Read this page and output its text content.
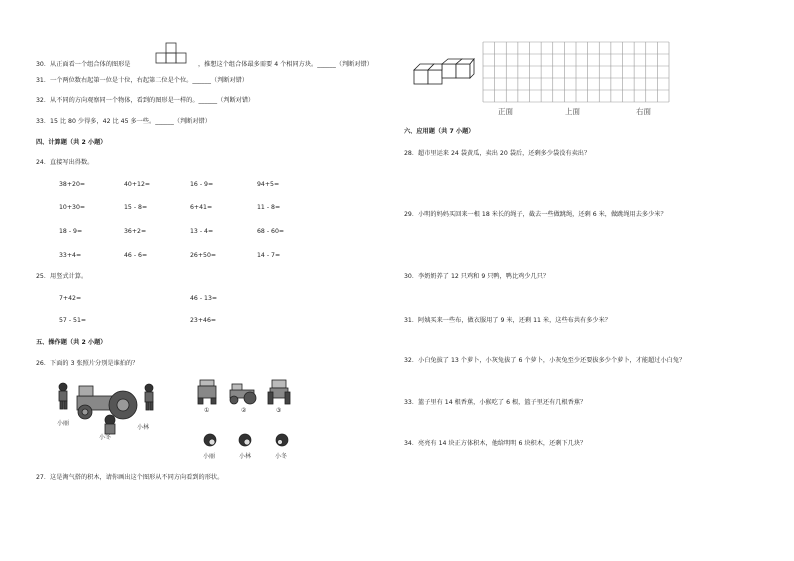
30．从正面看一个组合体的图形是	，推想这个组合体最多需要 4 个相同方块。______（判断对错）
31．一个两位数右起第一位是十位，右起第二位是个位。______（判断对错）
32．从不同的方向观察同一个物体，看到的图形是一样的。______（判断对错）
33．15 比 80 少得多，42 比 45 多一些。______（判断对错）
四、计算题（共 2 小题）
24．直接写出得数。
38+20=	40+12=	16 - 9=	94+5=
10+30=	15 - 8=	6+41=	11 - 8=
18 - 9=	36+2=	13 - 4=	68 - 60=
33+4=	46 - 6=	26+50=	14 - 7=
25．用竖式计算。
7+42=	46 - 13=
57 - 51=	23+46=
五、操作题（共 2 小题）
26．下面的 3 张照片分别是谁拍的？
小丽
小林
小冬
①	②	③
小丽	小林	小冬
27．这是淘气搭的积木，请你画出这个图形从不同方向看到的形状。
正面	上面	右面
六、应用题（共 7 小题）
28．超市里运来 24 袋黄瓜，卖出 20 袋后，还剩多少袋没有卖出？
29．小明的妈妈买回来一根 18 米长的绳子，截去一些做跳绳，还剩 6 米，做跳绳用去多少米？
30．李奶奶养了 12 只鸡和 9 只鸭，鸭比鸡少几只？
31．阿姨买来一些布，做衣服用了 9 米，还剩 11 米，这些布共有多少米？
32．小白兔拔了 13 个萝卜，小灰兔拔了 6 个萝卜，小灰兔至少还要拔多少个萝卜，才能超过小白兔？
33．篮子里有 14 根香蕉，小猴吃了 6 根，篮子里还有几根香蕉？
34．亮亮有 14 块正方体积木，他给明明 6 块积木，还剩下几块？
